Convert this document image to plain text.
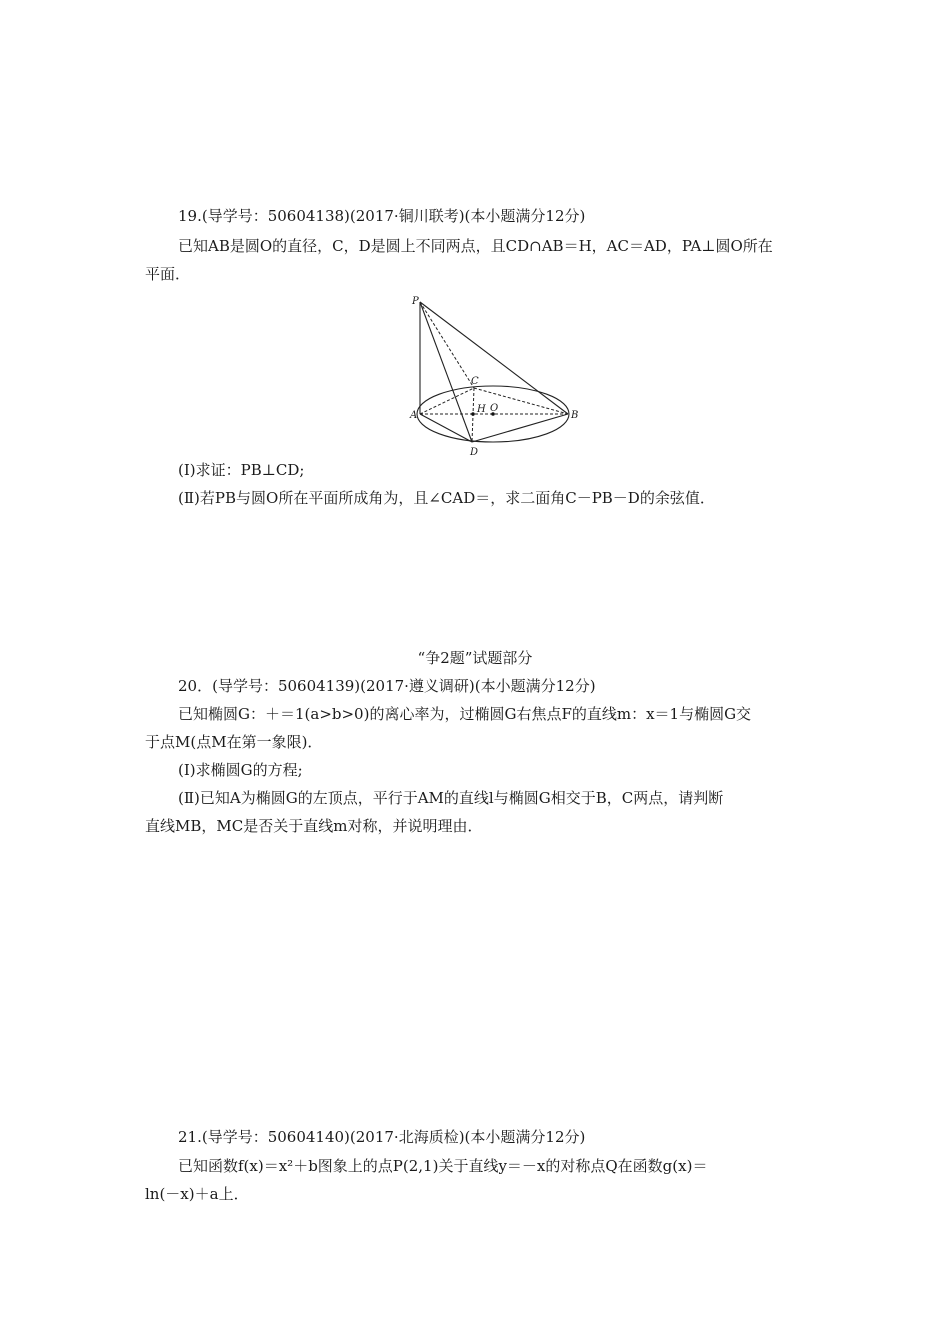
19.(导学号：50604138)(2017·铜川联考)(本小题满分12分)
已知AB是圆O的直径，C，D是圆上不同两点，且CD∩AB＝H，AC＝AD，PA⊥圆O所在
平面．
P
C
A
H O
B
D
(Ⅰ)求证：PB⊥CD;
(Ⅱ)若PB与圆O所在平面所成角为，且∠CAD＝，求二面角C－PB－D的余弦值．
“争2题”试题部分
20．(导学号：50604139)(2017·遵义调研)(本小题满分12分)
已知椭圆G：＋＝1(a>b>0)的离心率为，过椭圆G右焦点F的直线m：x＝1与椭圆G交
于点M(点M在第一象限)．
(Ⅰ)求椭圆G的方程;
(Ⅱ)已知A为椭圆G的左顶点，平行于AM的直线l与椭圆G相交于B，C两点，请判断
直线MB，MC是否关于直线m对称，并说明理由．
21.(导学号：50604140)(2017·北海质检)(本小题满分12分)
已知函数f(x)＝x²＋b图象上的点P(2,1)关于直线y＝－x的对称点Q在函数g(x)＝
ln(－x)＋a上．
